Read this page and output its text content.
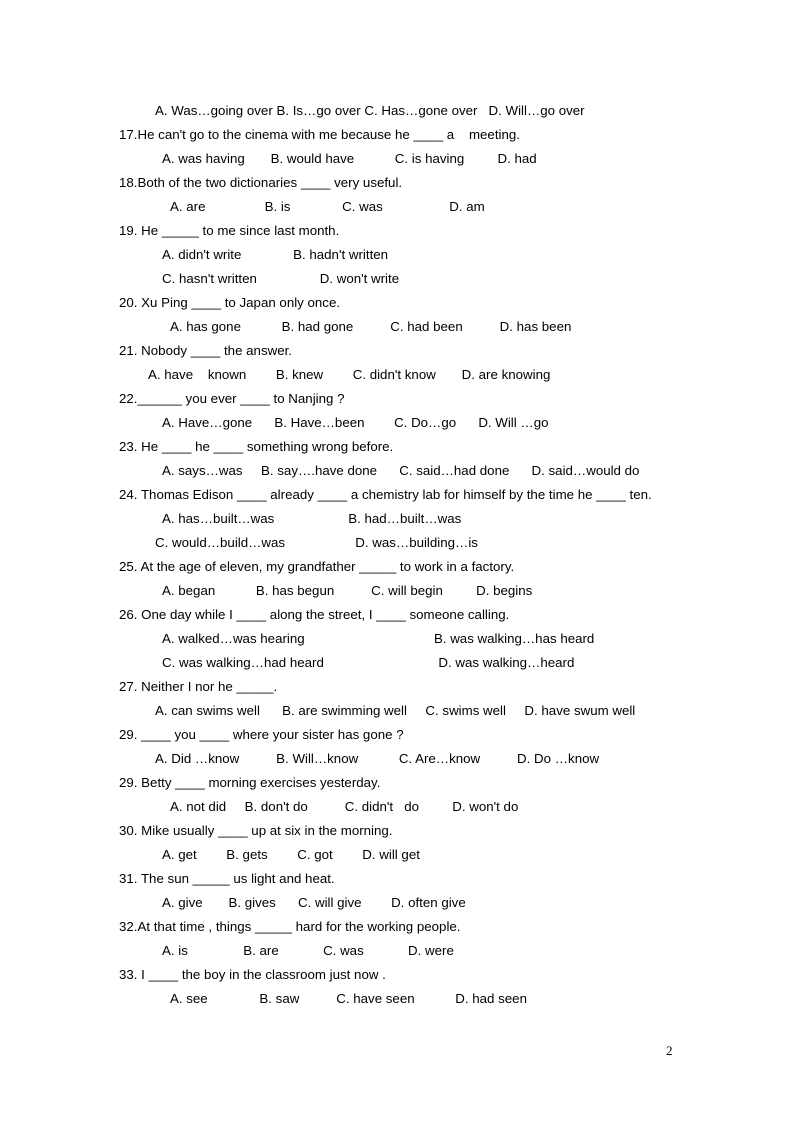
A. Was…going over B. Is…go over C. Has…gone over   D. Will…go over
17.He can't go to the cinema with me because he ____ a    meeting.
A. was having       B. would have           C. is having         D. had
18.Both of the two dictionaries ____ very useful.
A. are                B. is              C. was                  D. am
19. He _____ to me since last month.
A. didn't write              B. hadn't written
C. hasn't written                 D. won't write
20. Xu Ping ____ to Japan only once.
A. has gone           B. had gone          C. had been          D. has been
21. Nobody ____ the answer.
A. have    known        B. knew        C. didn't know       D. are knowing
22.______ you ever ____ to Nanjing ?
A. Have…gone      B. Have…been        C. Do…go      D. Will …go
23. He ____ he ____ something wrong before.
A. says…was     B. say….have done      C. said…had done      D. said…would do
24. Thomas Edison ____ already ____ a chemistry lab for himself by the time he ____ ten.
A. has…built…was                    B. had…built…was
C. would…build…was                   D. was…building…is
25. At the age of eleven, my grandfather _____ to work in a factory.
A. began           B. has begun          C. will begin         D. begins
26. One day while I ____ along the street, I ____ someone calling.
A. walked…was hearing                                   B. was walking…has heard
C. was walking…had heard                               D. was walking…heard
27. Neither I nor he _____.
A. can swims well      B. are swimming well     C. swims well     D. have swum well
29. ____ you ____ where your sister has gone ?
A. Did …know          B. Will…know           C. Are…know          D. Do …know
29. Betty ____ morning exercises yesterday.
A. not did     B. don't do          C. didn't   do         D. won't do
30. Mike usually ____ up at six in the morning.
A. get        B. gets        C. got        D. will get
31. The sun _____ us light and heat.
A. give       B. gives      C. will give        D. often give
32.At that time , things _____ hard for the working people.
A. is               B. are            C. was            D. were
33. I ____ the boy in the classroom just now .
A. see              B. saw          C. have seen           D. had seen
2
